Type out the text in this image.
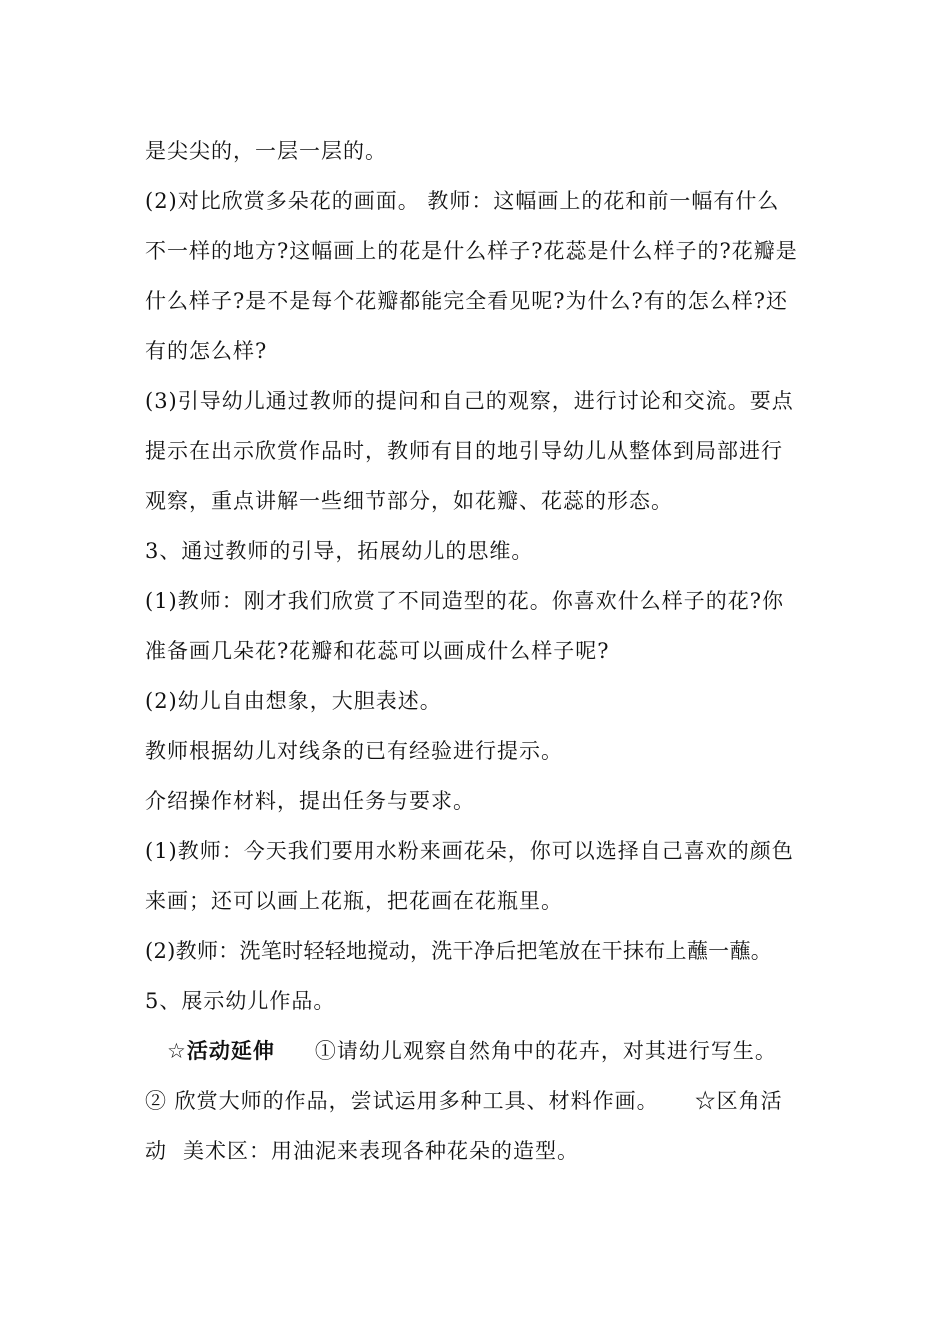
是尖尖的，一层一层的。
(2)对比欣赏多朵花的画面。 教师：这幅画上的花和前一幅有什么
不一样的地方?这幅画上的花是什么样子?花蕊是什么样子的?花瓣是
什么样子?是不是每个花瓣都能完全看见呢?为什么?有的怎么样?还
有的怎么样?
(3)引导幼儿通过教师的提问和自己的观察，进行讨论和交流。要点
提示在出示欣赏作品时，教师有目的地引导幼儿从整体到局部进行
观察，重点讲解一些细节部分，如花瓣、花蕊的形态。
3、通过教师的引导，拓展幼儿的思维。
(1)教师：刚才我们欣赏了不同造型的花。你喜欢什么样子的花?你
准备画几朵花?花瓣和花蕊可以画成什么样子呢?
(2)幼儿自由想象，大胆表述。
教师根据幼儿对线条的已有经验进行提示。
介绍操作材料，提出任务与要求。
(1)教师：今天我们要用水粉来画花朵，你可以选择自己喜欢的颜色
来画；还可以画上花瓶，把花画在花瓶里。
(2)教师：洗笔时轻轻地搅动，洗干净后把笔放在干抹布上蘸一蘸。
5、展示幼儿作品。
☆活动延伸 ①请幼儿观察自然角中的花卉，对其进行写生。
② 欣赏大师的作品，尝试运用多种工具、材料作画。 ☆区角活
动 美术区：用油泥来表现各种花朵的造型。
